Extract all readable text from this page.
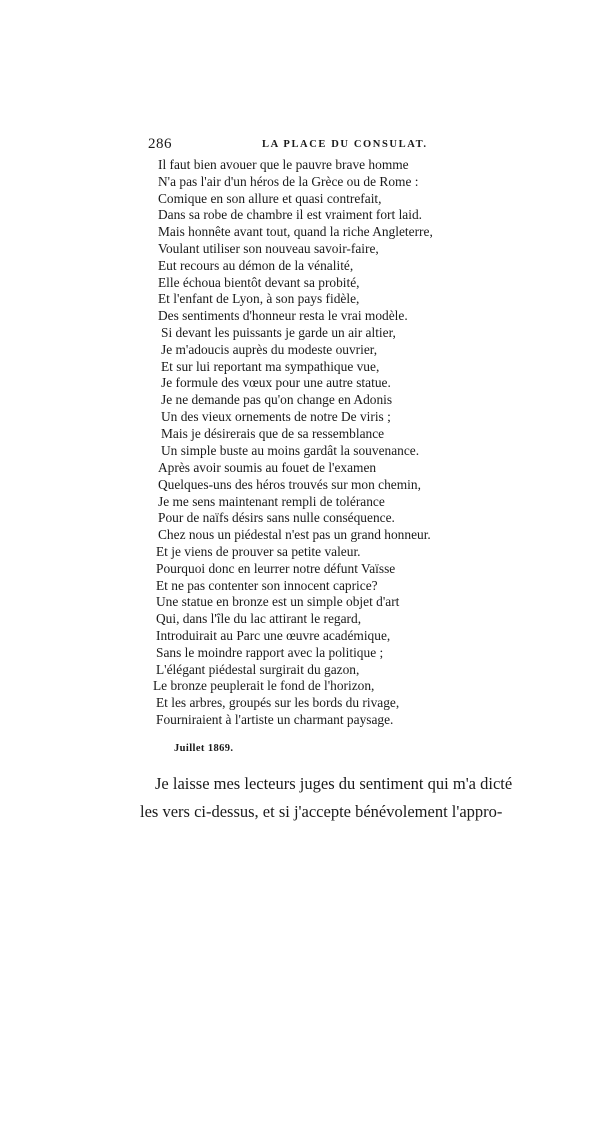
286	LA PLACE DU CONSULAT.
Il faut bien avouer que le pauvre brave homme
N'a pas l'air d'un héros de la Grèce ou de Rome :
Comique en son allure et quasi contrefait,
Dans sa robe de chambre il est vraiment fort laid.
Mais honnête avant tout, quand la riche Angleterre,
Voulant utiliser son nouveau savoir-faire,
Eut recours au démon de la vénalité,
Elle échoua bientôt devant sa probité,
Et l'enfant de Lyon, à son pays fidèle,
Des sentiments d'honneur resta le vrai modèle.
Si devant les puissants je garde un air altier,
Je m'adoucis auprès du modeste ouvrier,
Et sur lui reportant ma sympathique vue,
Je formule des vœux pour une autre statue.
Je ne demande pas qu'on change en Adonis
Un des vieux ornements de notre De viris ;
Mais je désirerais que de sa ressemblance
Un simple buste au moins gardât la souvenance.
Après avoir soumis au fouet de l'examen
Quelques-uns des héros trouvés sur mon chemin,
Je me sens maintenant rempli de tolérance
Pour de naïfs désirs sans nulle conséquence.
Chez nous un piédestal n'est pas un grand honneur.
Et je viens de prouver sa petite valeur.
Pourquoi donc en leurrer notre défunt Vaïsse
Et ne pas contenter son innocent caprice?
Une statue en bronze est un simple objet d'art
Qui, dans l'île du lac attirant le regard,
Introduirait au Parc une œuvre académique,
Sans le moindre rapport avec la politique ;
L'élégant piédestal surgirait du gazon,
Le bronze peuplerait le fond de l'horizon,
Et les arbres, groupés sur les bords du rivage,
Fourniraient à l'artiste un charmant paysage.
Juillet 1869.
Je laisse mes lecteurs juges du sentiment qui m'a dicté
les vers ci-dessus, et si j'accepte bénévolement l'appro-
